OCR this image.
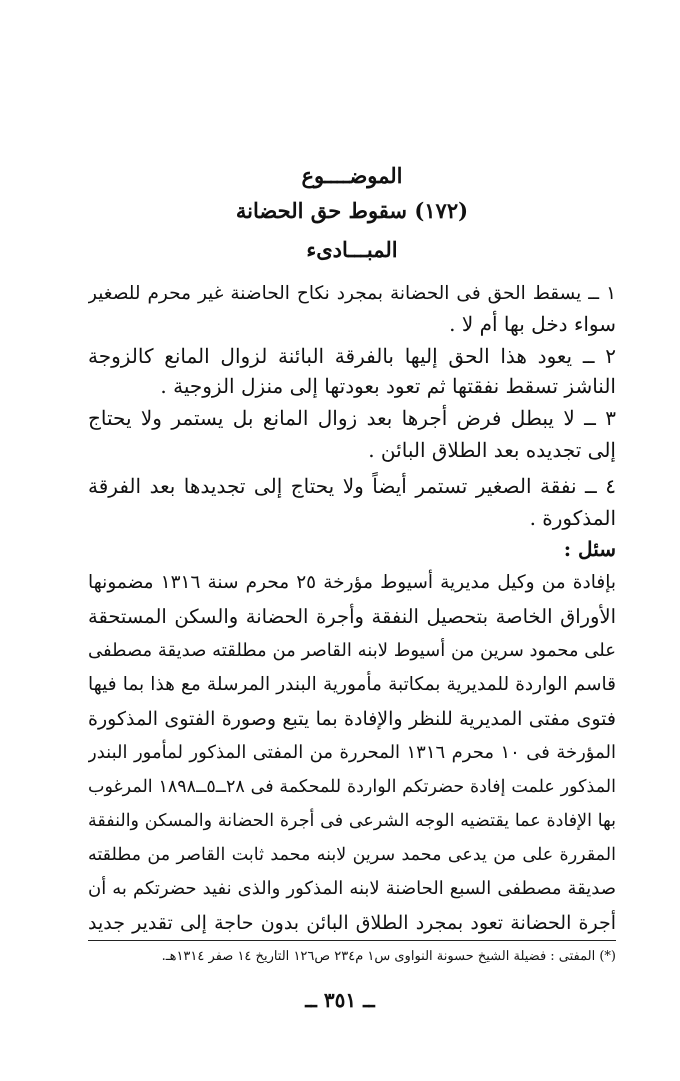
الموضــــوع
(١٧٢) سقوط حق الحضانة
المبـــادىء
١ ــ يسقط الحق فى الحضانة بمجرد نكاح الحاضنة غير محرم للصغير
سواء دخل بها أم لا .
٢ ــ يعود هذا الحق إليها بالفرقة البائنة لزوال المانع كالزوجة
الناشز تسقط نفقتها ثم تعود بعودتها إلى منزل الزوجية .
٣ ــ لا يبطل فرض أجرها بعد زوال المانع بل يستمر ولا يحتاج
إلى تجديده بعد الطلاق البائن .
٤ ــ نفقة الصغير تستمر أيضاً ولا يحتاج إلى تجديدها بعد الفرقة
المذكورة .
سئل :
بإفادة من وكيل مديرية أسيوط مؤرخة ٢٥ محرم سنة ١٣١٦ مضمونها
الأوراق الخاصة بتحصيل النفقة وأجرة الحضانة والسكن المستحقة
على محمود سرين من أسيوط لابنه القاصر من مطلقته صديقة مصطفى
قاسم الواردة للمديرية بمكاتبة مأمورية البندر المرسلة مع هذا بما فيها
فتوى مفتى المديرية للنظر والإفادة بما يتبع وصورة الفتوى المذكورة
المؤرخة فى ١٠ محرم ١٣١٦ المحررة من المفتى المذكور لمأمور البندر
المذكور علمت إفادة حضرتكم الواردة للمحكمة فى ٢٨ــ٥ــ١٨٩٨ المرغوب
بها الإفادة عما يقتضيه الوجه الشرعى فى أجرة الحضانة والمسكن والنفقة
المقررة على من يدعى محمد سرين لابنه محمد ثابت القاصر من مطلقته
صديقة مصطفى السبع الحاضنة لابنه المذكور والذى نفيد حضرتكم به أن
أجرة الحضانة تعود بمجرد الطلاق البائن بدون حاجة إلى تقدير جديد
(*) المفتى : فضيلة الشيخ حسونة النواوى س١ م٢٣٤ ص١٢٦ التاريخ ١٤ صفر ١٣١٤هـ.
ــ ٣٥١ ــ
